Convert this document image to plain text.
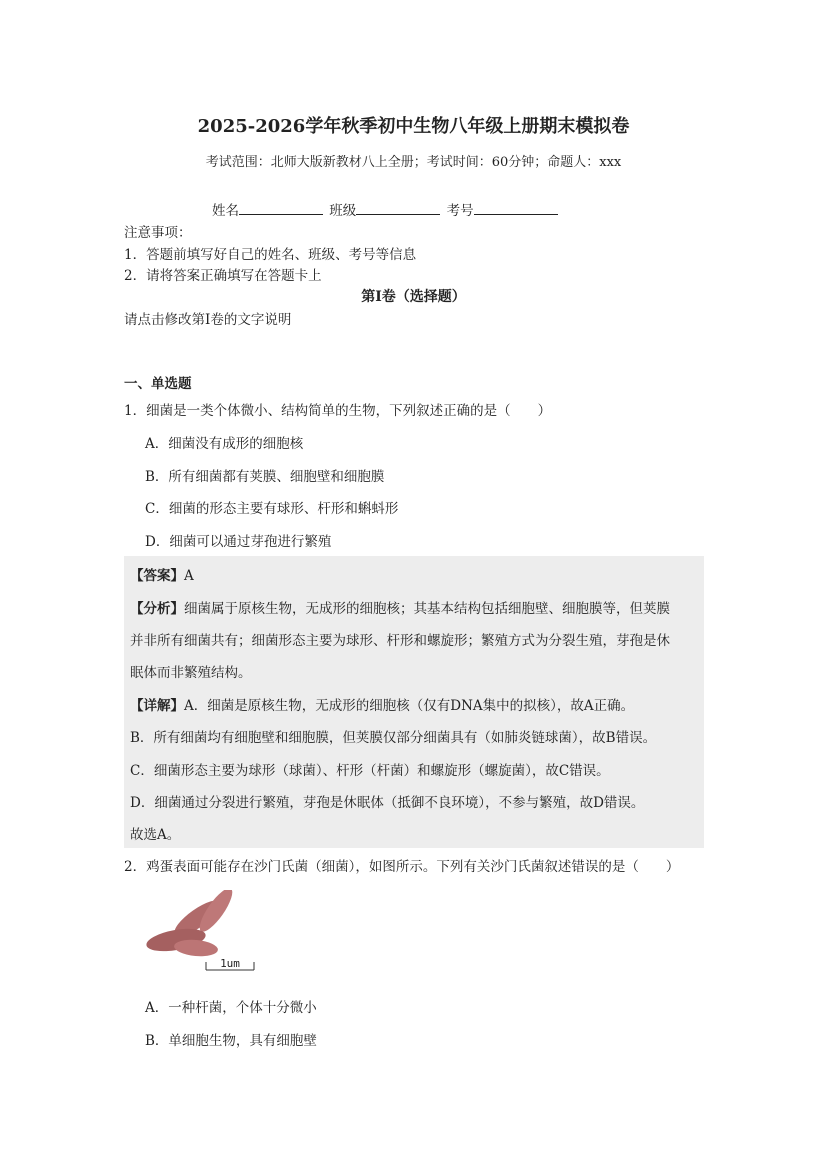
2025-2026学年秋季初中生物八年级上册期末模拟卷
考试范围：北师大版新教材八上全册；考试时间：60分钟；命题人：xxx
姓名	班级	考号
注意事项：
1．答题前填写好自己的姓名、班级、考号等信息
2．请将答案正确填写在答题卡上
第I卷（选择题）
请点击修改第I卷的文字说明
一、单选题
1．细菌是一类个体微小、结构简单的生物，下列叙述正确的是（　　）
A．细菌没有成形的细胞核
B．所有细菌都有荚膜、细胞壁和细胞膜
C．细菌的形态主要有球形、杆形和蝌蚪形
D．细菌可以通过芽孢进行繁殖
【答案】A
【分析】细菌属于原核生物，无成形的细胞核；其基本结构包括细胞壁、细胞膜等，但荚膜
并非所有细菌共有；细菌形态主要为球形、杆形和螺旋形；繁殖方式为分裂生殖，芽孢是休
眠体而非繁殖结构。
【详解】A．细菌是原核生物，无成形的细胞核（仅有DNA集中的拟核），故A正确。
B．所有细菌均有细胞壁和细胞膜，但荚膜仅部分细菌具有（如肺炎链球菌），故B错误。
C．细菌形态主要为球形（球菌）、杆形（杆菌）和螺旋形（螺旋菌），故C错误。
D．细菌通过分裂进行繁殖，芽孢是休眠体（抵御不良环境），不参与繁殖，故D错误。
故选A。
2．鸡蛋表面可能存在沙门氏菌（细菌），如图所示。下列有关沙门氏菌叙述错误的是（　　）
1um
A．一种杆菌，个体十分微小
B．单细胞生物，具有细胞壁
